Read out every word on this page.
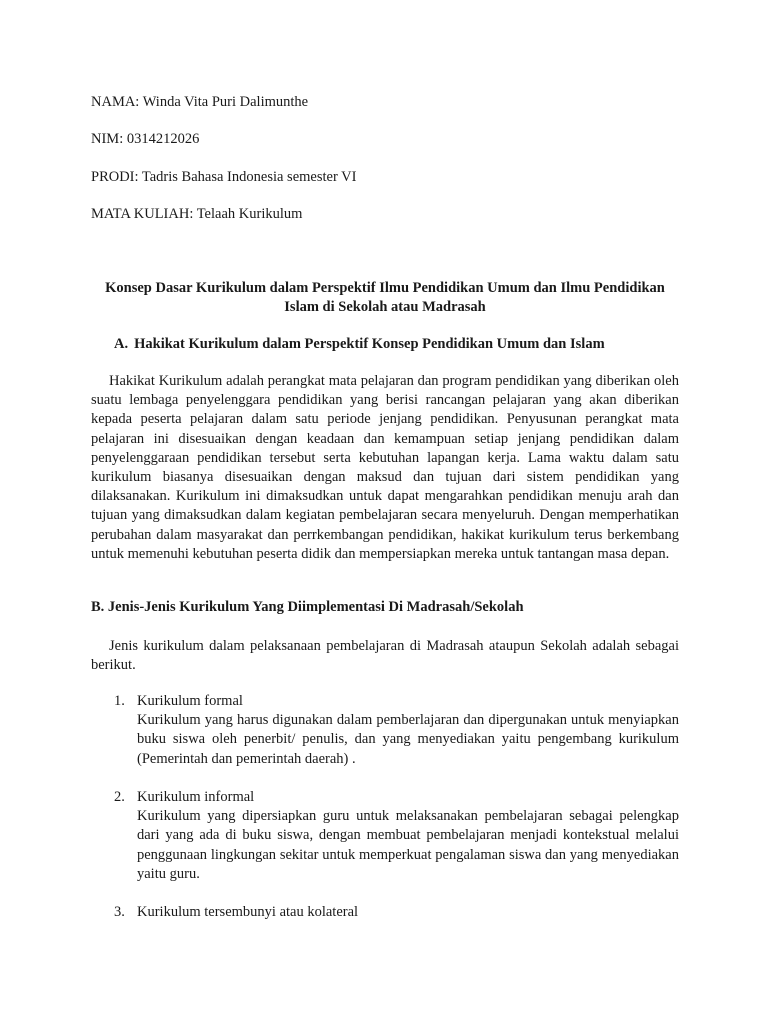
NAMA: Winda Vita Puri Dalimunthe

NIM: 0314212026

PRODI: Tadris Bahasa Indonesia semester VI

MATA KULIAH: Telaah Kurikulum

Konsep Dasar Kurikulum dalam Perspektif Ilmu Pendidikan Umum dan Ilmu Pendidikan Islam di Sekolah atau Madrasah
A. Hakikat Kurikulum dalam Perspektif Konsep Pendidikan Umum dan Islam

Hakikat Kurikulum adalah perangkat mata pelajaran dan program pendidikan yang diberikan oleh suatu lembaga penyelenggara pendidikan yang berisi rancangan pelajaran yang akan diberikan kepada peserta pelajaran dalam satu periode jenjang pendidikan. Penyusunan perangkat mata pelajaran ini disesuaikan dengan keadaan dan kemampuan setiap jenjang pendidikan dalam penyelenggaraan pendidikan tersebut serta kebutuhan lapangan kerja. Lama waktu dalam satu kurikulum biasanya disesuaikan dengan maksud dan tujuan dari sistem pendidikan yang dilaksanakan. Kurikulum ini dimaksudkan untuk dapat mengarahkan pendidikan menuju arah dan tujuan yang dimaksudkan dalam kegiatan pembelajaran secara menyeluruh. Dengan memperhatikan perubahan dalam masyarakat dan perrkembangan pendidikan, hakikat kurikulum terus berkembang untuk memenuhi kebutuhan peserta didik dan mempersiapkan mereka untuk tantangan masa depan.

B. Jenis-Jenis Kurikulum Yang Diimplementasi Di Madrasah/Sekolah

Jenis kurikulum dalam pelaksanaan pembelajaran di Madrasah ataupun Sekolah adalah sebagai berikut.

1. Kurikulum formal
Kurikulum yang harus digunakan dalam pemberlajaran dan dipergunakan untuk menyiapkan buku siswa oleh penerbit/ penulis, dan yang menyediakan yaitu pengembang kurikulum (Pemerintah dan pemerintah daerah) .
2. Kurikulum informal
Kurikulum yang dipersiapkan guru untuk melaksanakan pembelajaran sebagai pelengkap dari yang ada di buku siswa, dengan membuat pembelajaran menjadi kontekstual melalui penggunaan lingkungan sekitar untuk memperkuat pengalaman siswa dan yang menyediakan yaitu guru.
3. Kurikulum tersembunyi atau kolateral
